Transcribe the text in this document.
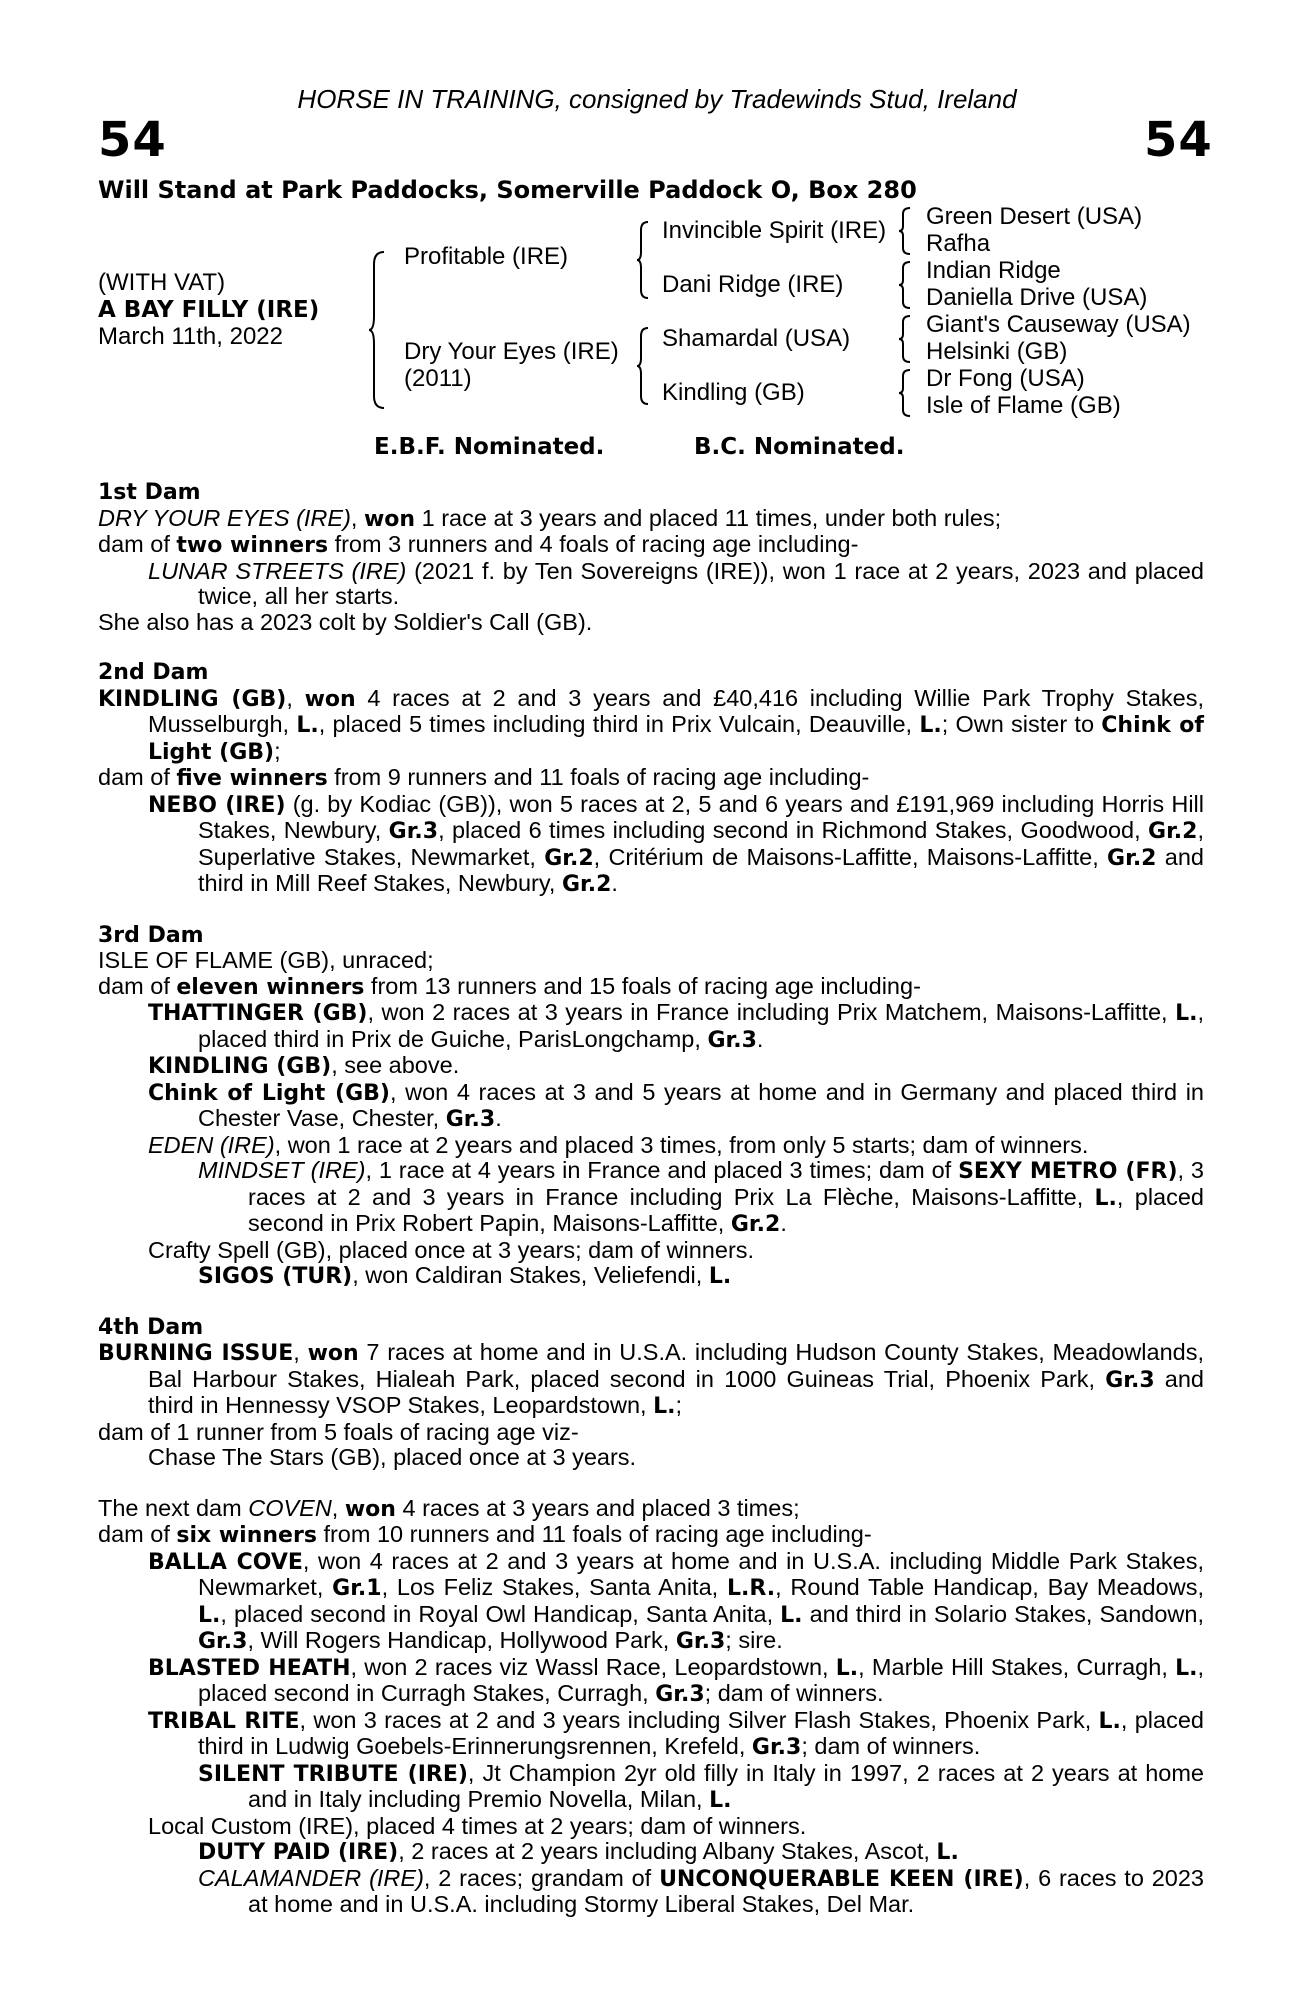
HORSE IN TRAINING, consigned by Tradewinds Stud, Ireland
54	54
Will Stand at Park Paddocks, Somerville Paddock O, Box 280
(WITH VAT)
A BAY FILLY (IRE)
March 11th, 2022
Profitable (IRE)
Dry Your Eyes (IRE)
(2011)
Invincible Spirit (IRE)
Dani Ridge (IRE)
Shamardal (USA)
Kindling (GB)
Green Desert (USA)
Rafha
Indian Ridge
Daniella Drive (USA)
Giant's Causeway (USA)
Helsinki (GB)
Dr Fong (USA)
Isle of Flame (GB)
E.B.F. Nominated.	B.C. Nominated.

1st Dam

DRY YOUR EYES (IRE), won 1 race at 3 years and placed 11 times, under both rules;

dam of two winners from 3 runners and 4 foals of racing age including-

LUNAR STREETS (IRE) (2021 f. by Ten Sovereigns (IRE)), won 1 race at 2 years, 2023 and placed twice, all her starts.

She also has a 2023 colt by Soldier's Call (GB).

2nd Dam

KINDLING (GB), won 4 races at 2 and 3 years and £40,416 including Willie Park Trophy Stakes, Musselburgh, L., placed 5 times including third in Prix Vulcain, Deauville, L.; Own sister to Chink of Light (GB);

dam of five winners from 9 runners and 11 foals of racing age including-

NEBO (IRE) (g. by Kodiac (GB)), won 5 races at 2, 5 and 6 years and £191,969 including Horris Hill Stakes, Newbury, Gr.3, placed 6 times including second in Richmond Stakes, Goodwood, Gr.2, Superlative Stakes, Newmarket, Gr.2, Critérium de Maisons-Laffitte, Maisons-Laffitte, Gr.2 and third in Mill Reef Stakes, Newbury, Gr.2.

3rd Dam

ISLE OF FLAME (GB), unraced;

dam of eleven winners from 13 runners and 15 foals of racing age including-

THATTINGER (GB), won 2 races at 3 years in France including Prix Matchem, Maisons-Laffitte, L., placed third in Prix de Guiche, ParisLongchamp, Gr.3.

KINDLING (GB), see above.

Chink of Light (GB), won 4 races at 3 and 5 years at home and in Germany and placed third in Chester Vase, Chester, Gr.3.

EDEN (IRE), won 1 race at 2 years and placed 3 times, from only 5 starts; dam of winners.

MINDSET (IRE), 1 race at 4 years in France and placed 3 times; dam of SEXY METRO (FR), 3 races at 2 and 3 years in France including Prix La Flèche, Maisons-Laffitte, L., placed second in Prix Robert Papin, Maisons-Laffitte, Gr.2.

Crafty Spell (GB), placed once at 3 years; dam of winners.

SIGOS (TUR), won Caldiran Stakes, Veliefendi, L.

4th Dam

BURNING ISSUE, won 7 races at home and in U.S.A. including Hudson County Stakes, Meadowlands, Bal Harbour Stakes, Hialeah Park, placed second in 1000 Guineas Trial, Phoenix Park, Gr.3 and third in Hennessy VSOP Stakes, Leopardstown, L.;

dam of 1 runner from 5 foals of racing age viz-

Chase The Stars (GB), placed once at 3 years.

The next dam COVEN, won 4 races at 3 years and placed 3 times;

dam of six winners from 10 runners and 11 foals of racing age including-

BALLA COVE, won 4 races at 2 and 3 years at home and in U.S.A. including Middle Park Stakes, Newmarket, Gr.1, Los Feliz Stakes, Santa Anita, L.R., Round Table Handicap, Bay Meadows, L., placed second in Royal Owl Handicap, Santa Anita, L. and third in Solario Stakes, Sandown, Gr.3, Will Rogers Handicap, Hollywood Park, Gr.3; sire.

BLASTED HEATH, won 2 races viz Wassl Race, Leopardstown, L., Marble Hill Stakes, Curragh, L., placed second in Curragh Stakes, Curragh, Gr.3; dam of winners.

TRIBAL RITE, won 3 races at 2 and 3 years including Silver Flash Stakes, Phoenix Park, L., placed third in Ludwig Goebels-Erinnerungsrennen, Krefeld, Gr.3; dam of winners.

SILENT TRIBUTE (IRE), Jt Champion 2yr old filly in Italy in 1997, 2 races at 2 years at home and in Italy including Premio Novella, Milan, L.

Local Custom (IRE), placed 4 times at 2 years; dam of winners.

DUTY PAID (IRE), 2 races at 2 years including Albany Stakes, Ascot, L.

CALAMANDER (IRE), 2 races; grandam of UNCONQUERABLE KEEN (IRE), 6 races to 2023 at home and in U.S.A. including Stormy Liberal Stakes, Del Mar.
